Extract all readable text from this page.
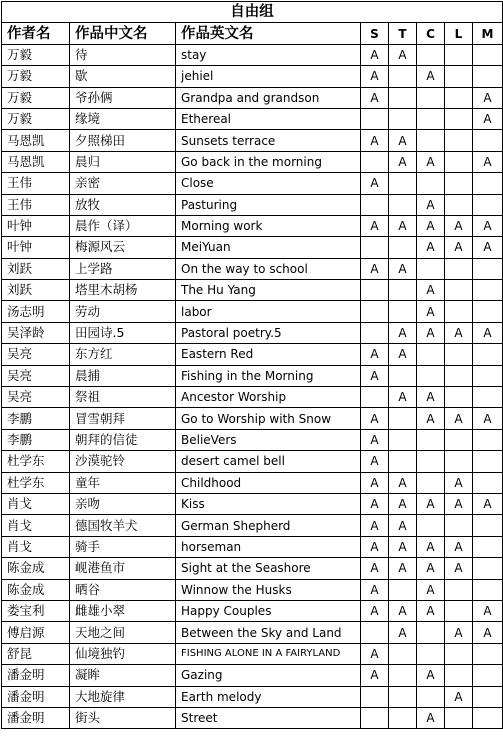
自由组							
作者名	作品中文名	作品英文名	S	T	C	L	M
万毅	待	stay	A	A			
万毅	歇	jehiel	A		A		
万毅	爷孙俩	Grandpa and grandson	A				A
万毅	缘境	Ethereal					A
马恩凯	夕照梯田	Sunsets terrace	A	A			
马恩凯	晨归	Go back in the morning		A	A		A
王伟	亲密	Close	A				
王伟	放牧	Pasturing			A		
叶钟	晨作（译）	Morning work	A	A	A	A	A
叶钟	梅源风云	MeiYuan			A	A	A
刘跃	上学路	On the way to school	A	A			
刘跃	塔里木胡杨	The Hu Yang			A		
汤志明	劳动	labor			A		
吴泽龄	田园诗.5	Pastoral poetry.5		A	A	A	A
吴亮	东方红	Eastern Red	A	A			
吴亮	晨捕	Fishing in the Morning	A				
吴亮	祭祖	Ancestor Worship		A	A		
李鹏	冒雪朝拜	Go to Worship with Snow	A		A	A	A
李鹏	朝拜的信徒	BelieVers	A				
杜学东	沙漠驼铃	desert camel bell	A				
杜学东	童年	Childhood	A	A		A	
肖戈	亲吻	Kiss	A	A	A	A	A
肖戈	德国牧羊犬	German Shepherd	A	A			
肖戈	骑手	horseman	A	A	A	A	
陈金成	岘港鱼市	Sight at the Seashore	A	A	A	A	
陈金成	晒谷	Winnow the Husks	A		A		
娄宝利	雌雄小翠	Happy Couples	A	A	A		A
傅启源	天地之间	Between the Sky and Land		A		A	A
舒昆	仙境独钓	FISHING ALONE IN A FAIRYLAND	A				
潘金明	凝眸	Gazing	A		A		
潘金明	大地旋律	Earth melody				A	
潘金明	街头	Street			A		
